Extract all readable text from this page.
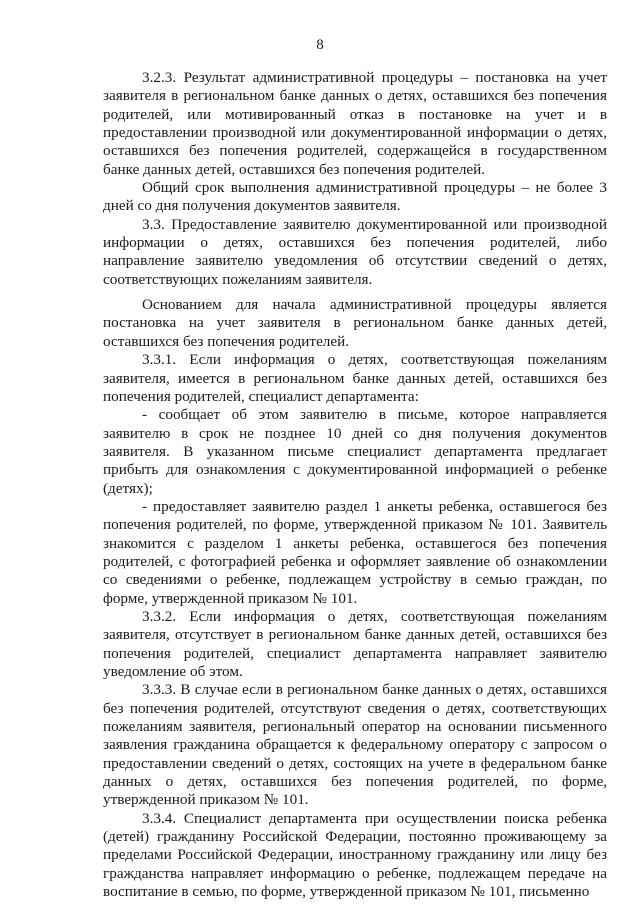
8

3.2.3. Результат административной процедуры – постановка на учет заявителя в региональном банке данных о детях, оставшихся без попечения родителей, или мотивированный отказ в постановке на учет и в предоставлении производной или документированной информации о детях, оставшихся без попечения родителей, содержащейся в государственном банке данных детей, оставшихся без попечения родителей.

Общий срок выполнения административной процедуры – не более 3 дней со дня получения документов заявителя.

3.3. Предоставление заявителю документированной или производной информации о детях, оставшихся без попечения родителей, либо направление заявителю уведомления об отсутствии сведений о детях, соответствующих пожеланиям заявителя.

Основанием для начала административной процедуры является постановка на учет заявителя в региональном банке данных детей, оставшихся без попечения родителей.

3.3.1. Если информация о детях, соответствующая пожеланиям заявителя, имеется в региональном банке данных детей, оставшихся без попечения родителей, специалист департамента:

- сообщает об этом заявителю в письме, которое направляется заявителю в срок не позднее 10 дней со дня получения документов заявителя. В указанном письме специалист департамента предлагает прибыть для ознакомления с документированной информацией о ребенке (детях);

- предоставляет заявителю раздел 1 анкеты ребенка, оставшегося без попечения родителей, по форме, утвержденной приказом № 101. Заявитель знакомится с разделом 1 анкеты ребенка, оставшегося без попечения родителей, с фотографией ребенка и оформляет заявление об ознакомлении со сведениями о ребенке, подлежащем устройству в семью граждан, по форме, утвержденной приказом № 101.

3.3.2. Если информация о детях, соответствующая пожеланиям заявителя, отсутствует в региональном банке данных детей, оставшихся без попечения родителей, специалист департамента направляет заявителю уведомление об этом.

3.3.3. В случае если в региональном банке данных о детях, оставшихся без попечения родителей, отсутствуют сведения о детях, соответствующих пожеланиям заявителя, региональный оператор на основании письменного заявления гражданина обращается к федеральному оператору с запросом о предоставлении сведений о детях, состоящих на учете в федеральном банке данных о детях, оставшихся без попечения родителей, по форме, утвержденной приказом № 101.

3.3.4. Специалист департамента при осуществлении поиска ребенка (детей) гражданину Российской Федерации, постоянно проживающему за пределами Российской Федерации, иностранному гражданину или лицу без гражданства направляет информацию о ребенке, подлежащем передаче на воспитание в семью, по форме, утвержденной приказом № 101, письменно
